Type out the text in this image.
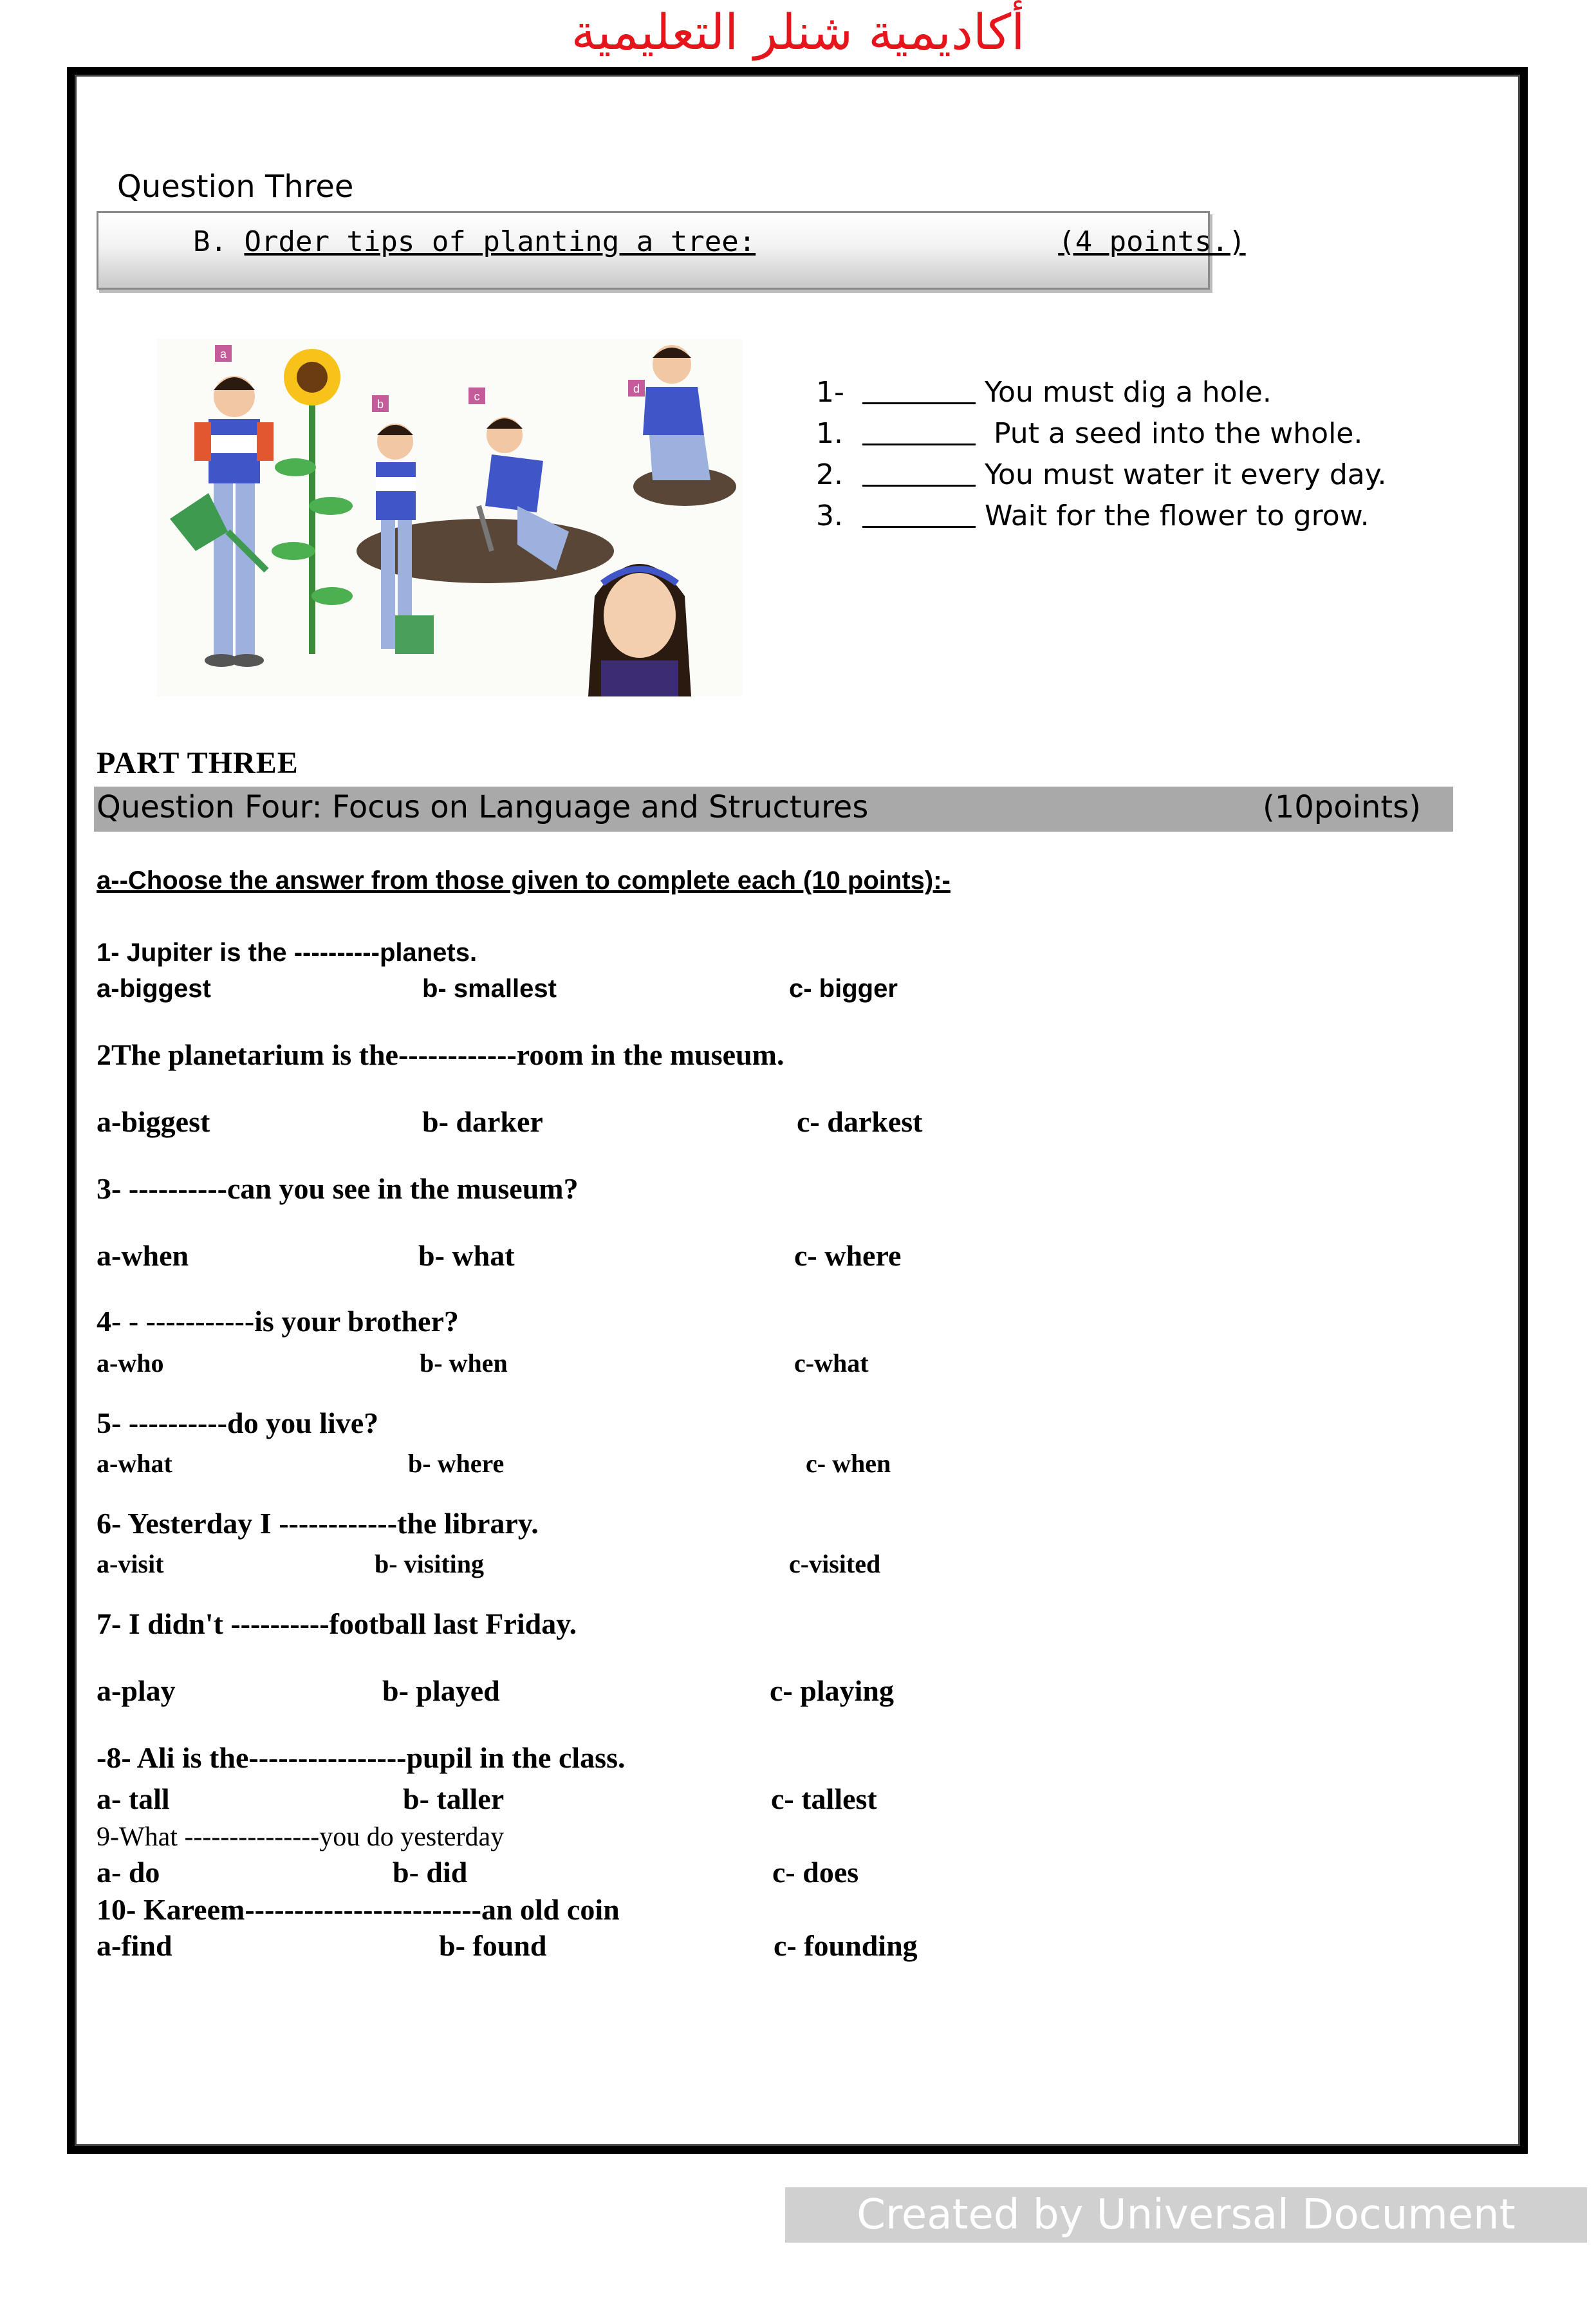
أكاديمية شنلر التعليمية
Question Three
B. Order tips of planting a tree:	(4 points.)
a
b
c
d	1-	You must dig a hole.
1.	Put a seed into the whole.
2.	You must water it every day.
3.	Wait for the flower to grow.
PART THREE
Question Four: Focus on Language and Structures	(10points)
a--Choose the answer from those given to complete each (10 points):-
1- Jupiter is the ----------planets.
a-biggest	b- smallest	c- bigger
2The planetarium is the------------room in the museum.
a-biggest	b- darker	c- darkest
3- ----------can you see in the museum?
a-when	b- what	c- where
4- - -----------is your brother?
a-who	b- when	c-what
5- ----------do you live?
a-what	b- where	c- when
6- Yesterday I ------------the library.
a-visit	b- visiting	c-visited
7- I didn't ----------football last Friday.
a-play	b- played	c- playing
-8- Ali is the----------------pupil in the class.
a- tall	b- taller	c- tallest
9-What ---------------you do yesterday
a- do	b- did	c- does
10- Kareem------------------------an old coin
a-find	b- found	c- founding
Created by Universal Document Converter
